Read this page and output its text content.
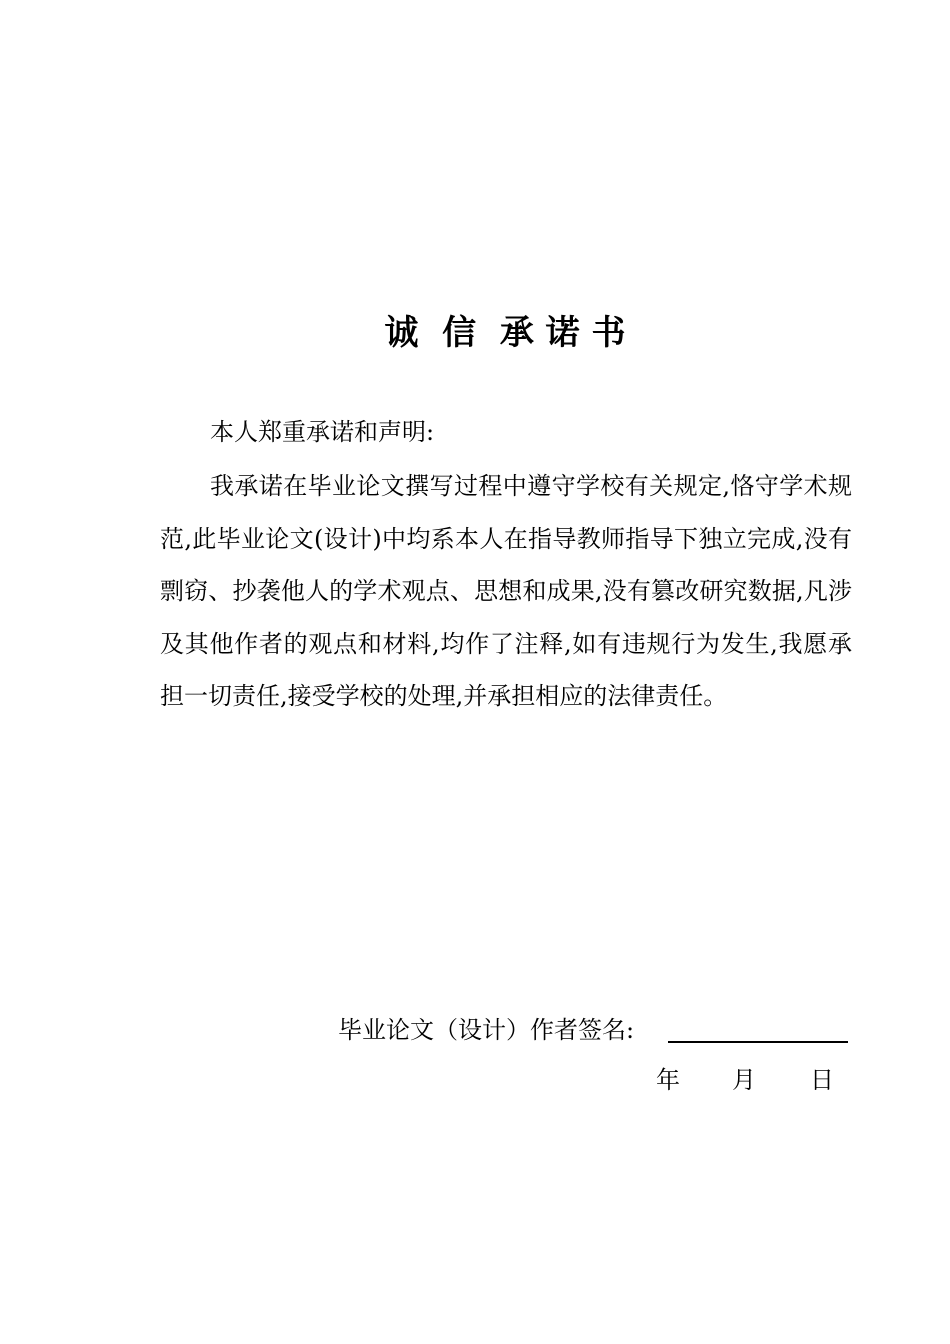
诚  信  承 诺 书
本人郑重承诺和声明:

我承诺在毕业论文撰写过程中遵守学校有关规定,恪守学术规范,此毕业论文(设计)中均系本人在指导教师指导下独立完成,没有剽窃、抄袭他人的学术观点、思想和成果,没有篡改研究数据,凡涉及其他作者的观点和材料,均作了注释,如有违规行为发生,我愿承担一切责任,接受学校的处理,并承担相应的法律责任。

毕业论文（设计）作者签名:
年 月 日
